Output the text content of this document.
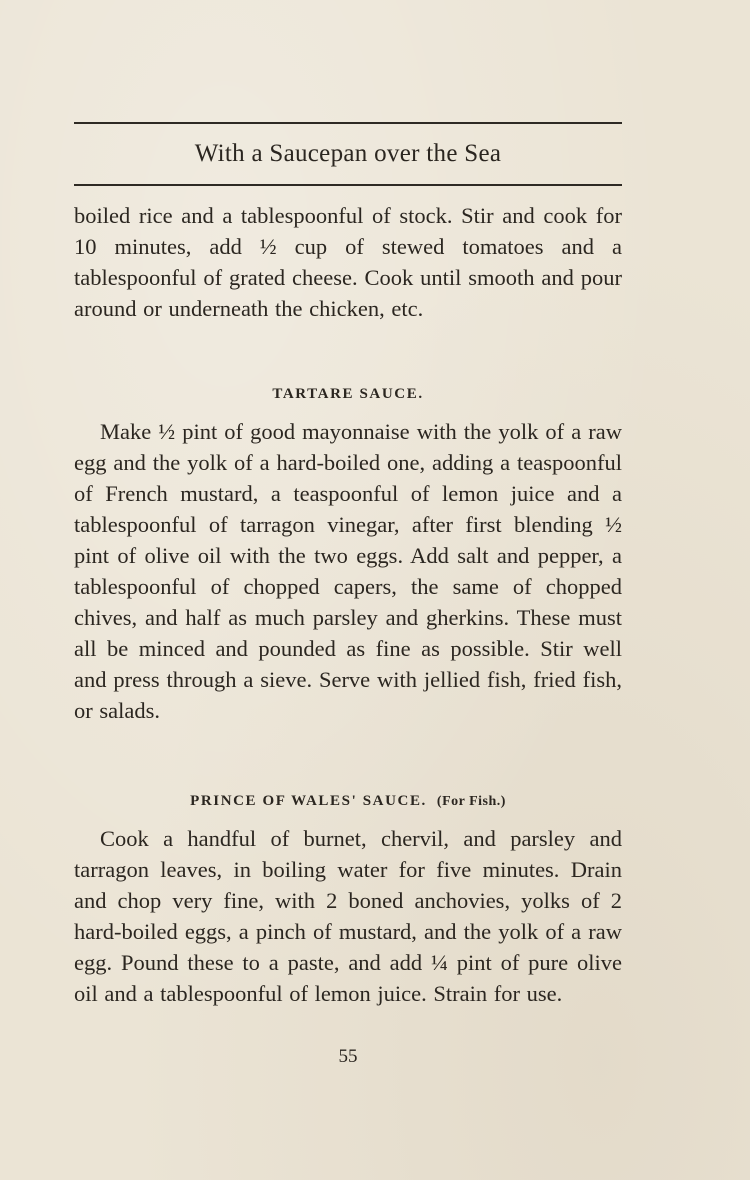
With a Saucepan over the Sea

boiled rice and a tablespoonful of stock. Stir and cook for 10 minutes, add ½ cup of stewed tomatoes and a tablespoonful of grated cheese. Cook until smooth and pour around or underneath the chicken, etc.

TARTARE SAUCE.

Make ½ pint of good mayonnaise with the yolk of a raw egg and the yolk of a hard-boiled one, adding a teaspoonful of French mustard, a teaspoonful of lemon juice and a tablespoonful of tarragon vinegar, after first blending ½ pint of olive oil with the two eggs. Add salt and pepper, a tablespoonful of chopped capers, the same of chopped chives, and half as much parsley and gherkins. These must all be minced and pounded as fine as possible. Stir well and press through a sieve. Serve with jellied fish, fried fish, or salads.

PRINCE OF WALES' SAUCE. (For Fish.)

Cook a handful of burnet, chervil, and parsley and tarragon leaves, in boiling water for five minutes. Drain and chop very fine, with 2 boned anchovies, yolks of 2 hard-boiled eggs, a pinch of mustard, and the yolk of a raw egg. Pound these to a paste, and add ¼ pint of pure olive oil and a tablespoonful of lemon juice. Strain for use.

55
